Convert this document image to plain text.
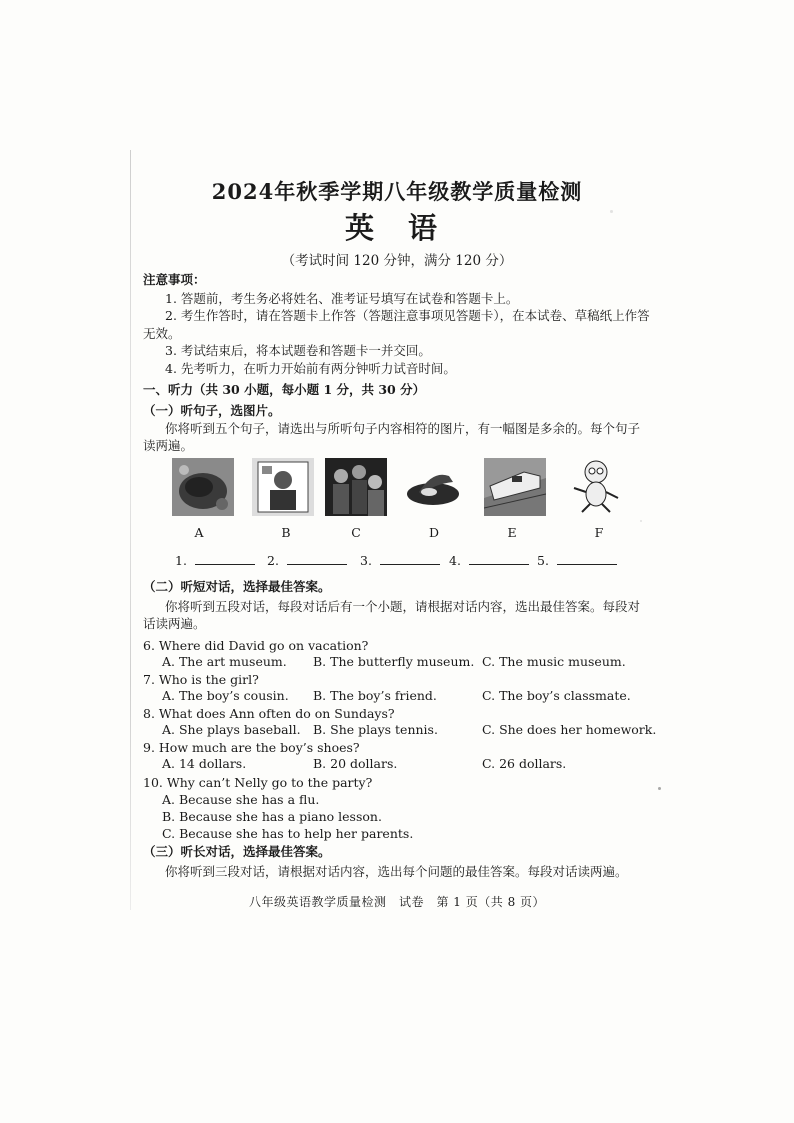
2024年秋季学期八年级教学质量检测
英 语
（考试时间 120 分钟，满分 120 分）
注意事项：
1. 答题前，考生务必将姓名、准考证号填写在试卷和答题卡上。
2. 考生作答时，请在答题卡上作答（答题注意事项见答题卡），在本试卷、草稿纸上作答
无效。
3. 考试结束后，将本试题卷和答题卡一并交回。
4. 先考听力，在听力开始前有两分钟听力试音时间。
一、听力（共 30 小题，每小题 1 分，共 30 分）
（一）听句子，选图片。
你将听到五个句子，请选出与所听句子内容相符的图片，有一幅图是多余的。每个句子
读两遍。
A	B	C	D	E	F
1.	2.	3.	4.	5.
（二）听短对话，选择最佳答案。
你将听到五段对话，每段对话后有一个小题，请根据对话内容，选出最佳答案。每段对
话读两遍。
6. Where did David go on vacation?
A. The art museum. B. The butterfly museum. C. The music museum.
7. Who is the girl?
A. The boy’s cousin. B. The boy’s friend.	C. The boy’s classmate.
8. What does Ann often do on Sundays?
A. She plays baseball. B. She plays tennis.	C. She does her homework.
9. How much are the boy’s shoes?
A. 14 dollars.	B. 20 dollars.	C. 26 dollars.
10. Why can’t Nelly go to the party?
A. Because she has a flu.
B. Because she has a piano lesson.
C. Because she has to help her parents.
（三）听长对话，选择最佳答案。
你将听到三段对话，请根据对话内容，选出每个问题的最佳答案。每段对话读两遍。
八年级英语教学质量检测　试卷　第 1 页（共 8 页）
